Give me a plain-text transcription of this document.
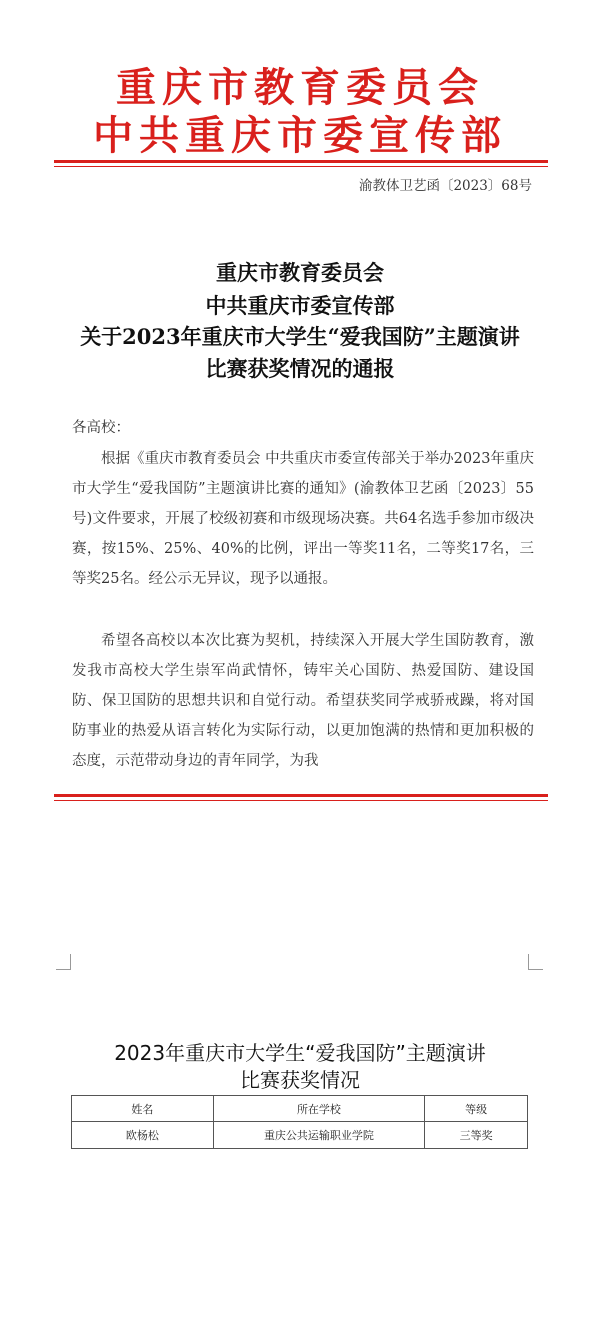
重庆市教育委员会
中共重庆市委宣传部
渝教体卫艺函〔2023〕68号
重庆市教育委员会
中共重庆市委宣传部
关于2023年重庆市大学生“爱我国防”主题演讲
比赛获奖情况的通报
各高校：

根据《重庆市教育委员会 中共重庆市委宣传部关于举办2023年重庆市大学生“爱我国防”主题演讲比赛的通知》(渝教体卫艺函〔2023〕55 号)文件要求，开展了校级初赛和市级现场决赛。共64名选手参加市级决赛，按15%、25%、40%的比例，评出一等奖11名，二等奖17名，三等奖25名。经公示无异议，现予以通报。

希望各高校以本次比赛为契机，持续深入开展大学生国防教育，激发我市高校大学生崇军尚武情怀，铸牢关心国防、热爱国防、建设国防、保卫国防的思想共识和自觉行动。希望获奖同学戒骄戒躁，将对国防事业的热爱从语言转化为实际行动，以更加饱满的热情和更加积极的态度，示范带动身边的青年同学，为我

2023年重庆市大学生“爱我国防”主题演讲
比赛获奖情况
姓名	所在学校	等级
欧杨松	重庆公共运输职业学院	三等奖
